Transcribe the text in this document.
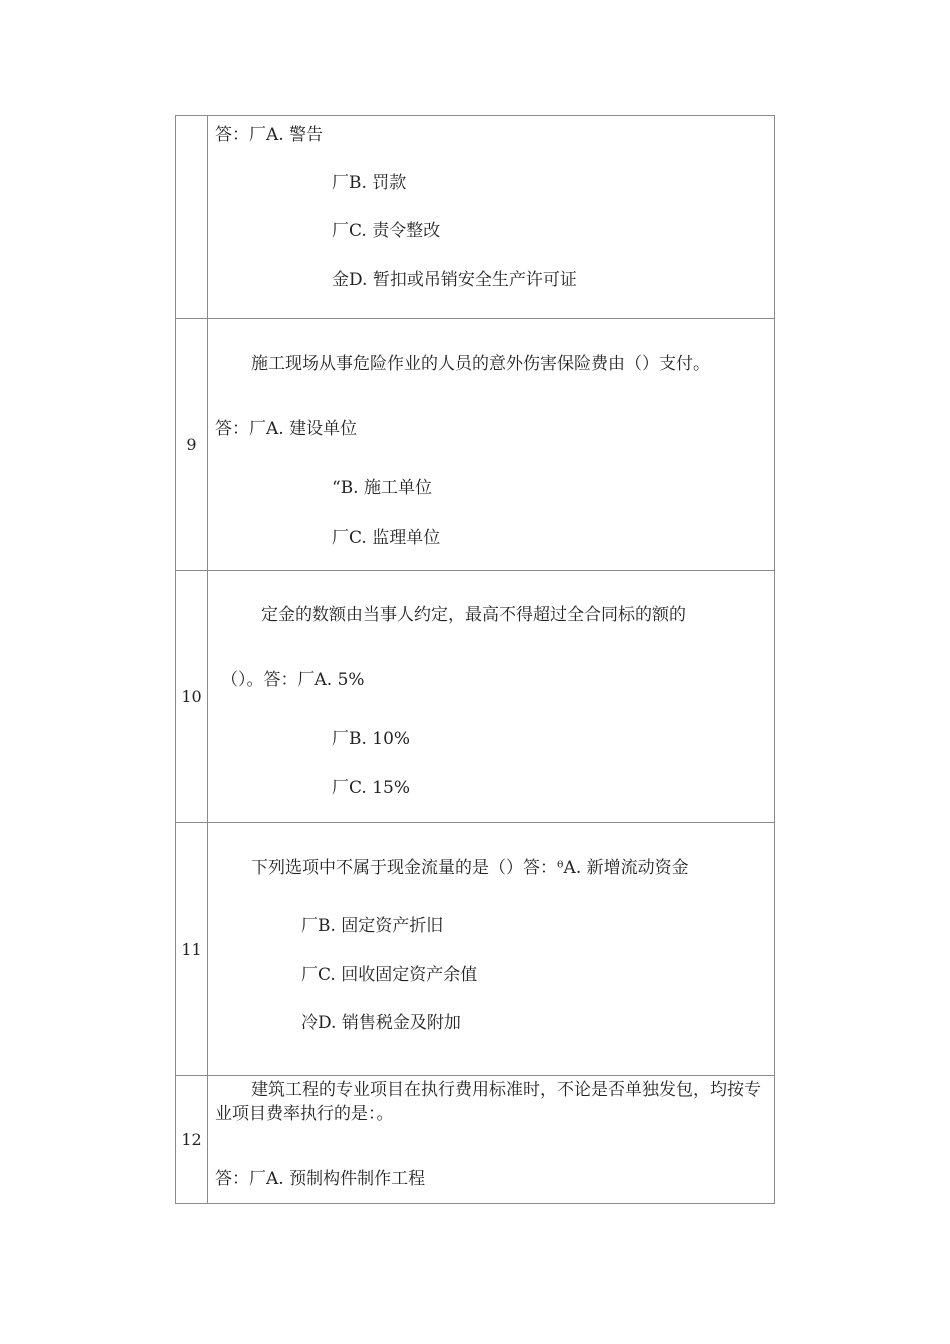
答：厂A. 警告
厂B. 罚款
厂C. 责令整改
金D. 暂扣或吊销安全生产许可证
9
施工现场从事危险作业的人员的意外伤害保险费由（）支付。
答：厂A. 建设单位
“B. 施工单位
厂C. 监理单位
10
定金的数额由当事人约定，最高不得超过全合同标的额的
（）。答：厂A. 5%
厂B. 10%
厂C. 15%
11
下列选项中不属于现金流量的是（）答：ᶿA. 新增流动资金
厂B. 固定资产折旧
厂C. 回收固定资产余值
冷D. 销售税金及附加
12
建筑工程的专业项目在执行费用标准时，不论是否单独发包，均按专业项目费率执行的是：。
答：厂A. 预制构件制作工程
